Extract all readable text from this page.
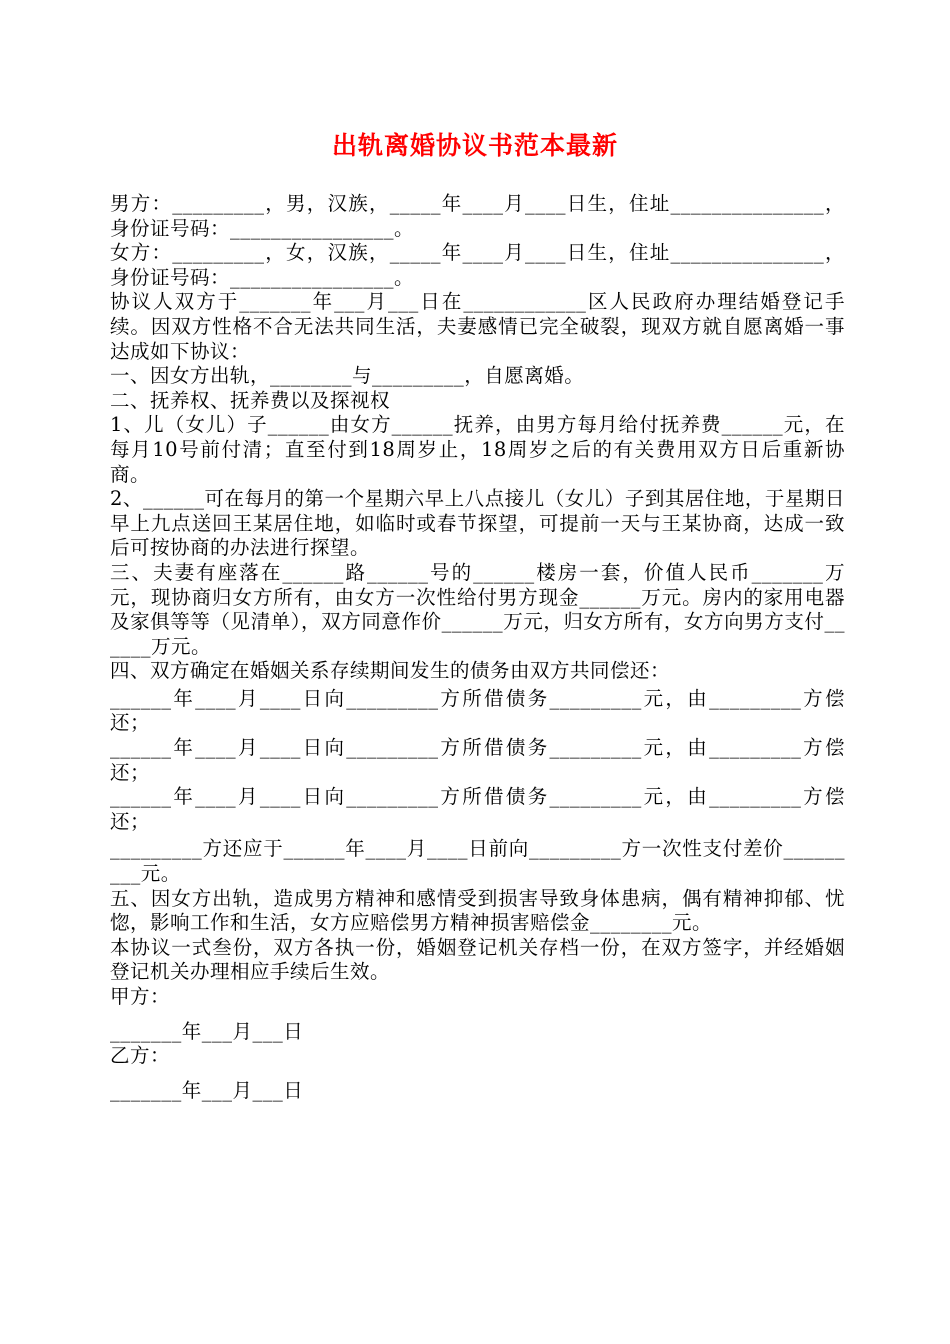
出轨离婚协议书范本最新

男方：_________，男，汉族，_____年____月____日生，住址_______________，身份证号码：________________。

女方：_________，女，汉族，_____年____月____日生，住址_______________，身份证号码：________________。

协议人双方于_______年___月___日在____________区人民政府办理结婚登记手续。因双方性格不合无法共同生活，夫妻感情已完全破裂，现双方就自愿离婚一事达成如下协议：

一、因女方出轨，________与_________，自愿离婚。

二、抚养权、抚养费以及探视权

1、儿（女儿）子______由女方______抚养，由男方每月给付抚养费______元，在每月10号前付清；直至付到18周岁止，18周岁之后的有关费用双方日后重新协商。

2、______可在每月的第一个星期六早上八点接儿（女儿）子到其居住地，于星期日早上九点送回王某居住地，如临时或春节探望，可提前一天与王某协商，达成一致后可按协商的办法进行探望。

三、夫妻有座落在______路______号的______楼房一套，价值人民币_______万元，现协商归女方所有，由女方一次性给付男方现金______万元。房内的家用电器及家俱等等（见清单），双方同意作价______万元，归女方所有，女方向男方支付______万元。

四、双方确定在婚姻关系存续期间发生的债务由双方共同偿还：

______年____月____日向_________方所借债务_________元，由_________方偿还；

______年____月____日向_________方所借债务_________元，由_________方偿还；

______年____月____日向_________方所借债务_________元，由_________方偿还；

_________方还应于______年____月____日前向_________方一次性支付差价_________元。

五、因女方出轨，造成男方精神和感情受到损害导致身体患病，偶有精神抑郁、忧惚，影响工作和生活，女方应赔偿男方精神损害赔偿金________元。

本协议一式叁份，双方各执一份，婚姻登记机关存档一份，在双方签字，并经婚姻登记机关办理相应手续后生效。

甲方：

_______年___月___日

乙方：

_______年___月___日
